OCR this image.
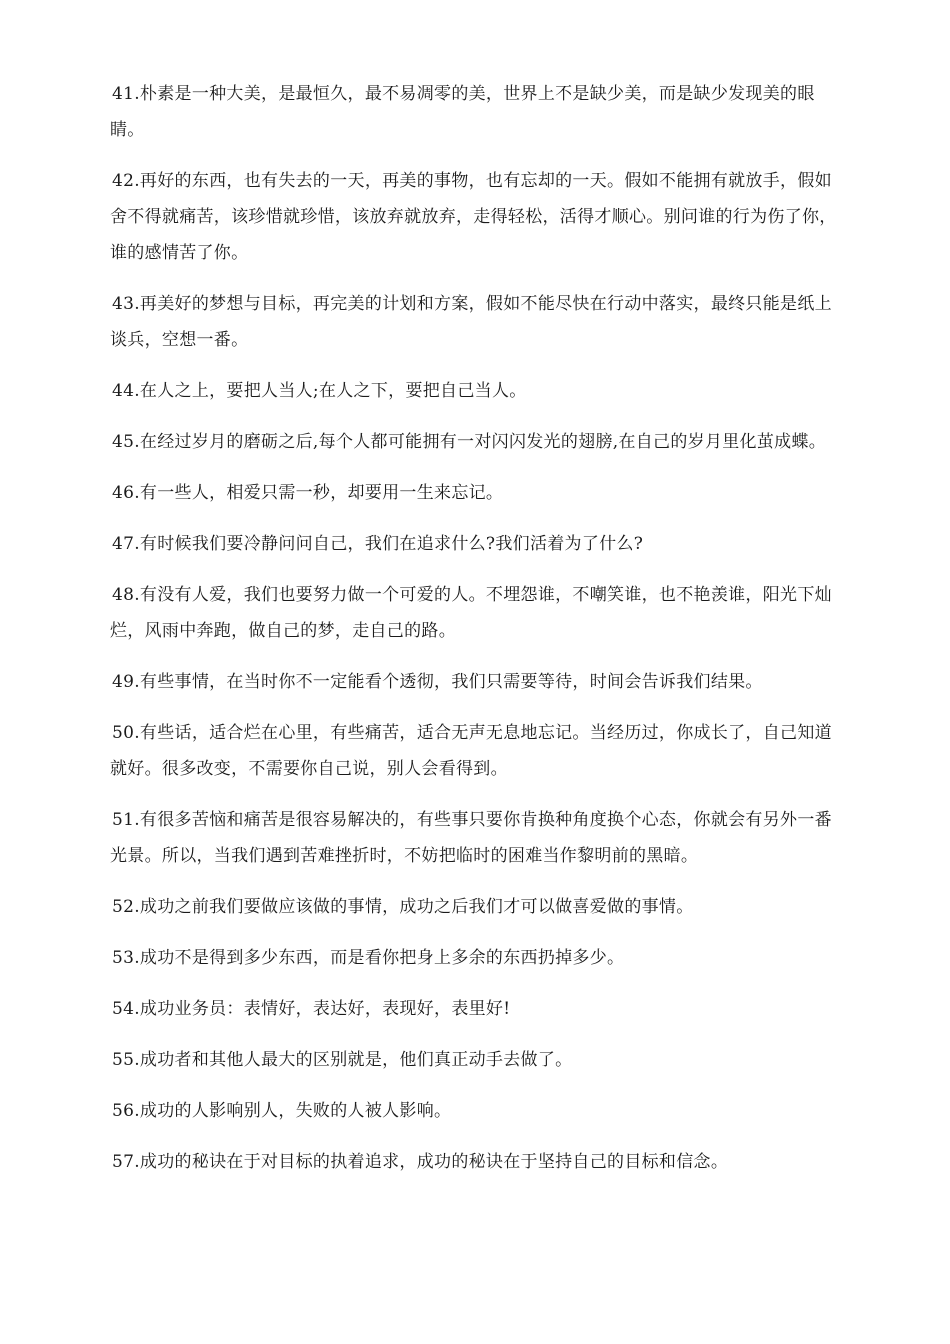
41.朴素是一种大美，是最恒久，最不易凋零的美，世界上不是缺少美，而是缺少发现美的眼睛。

42.再好的东西，也有失去的一天，再美的事物，也有忘却的一天。假如不能拥有就放手，假如舍不得就痛苦，该珍惜就珍惜，该放弃就放弃，走得轻松，活得才顺心。别问谁的行为伤了你，谁的感情苦了你。

43.再美好的梦想与目标，再完美的计划和方案，假如不能尽快在行动中落实，最终只能是纸上谈兵，空想一番。

44.在人之上，要把人当人;在人之下，要把自己当人。

45.在经过岁月的磨砺之后,每个人都可能拥有一对闪闪发光的翅膀,在自己的岁月里化茧成蝶。

46.有一些人，相爱只需一秒，却要用一生来忘记。

47.有时候我们要冷静问问自己，我们在追求什么?我们活着为了什么?

48.有没有人爱，我们也要努力做一个可爱的人。不埋怨谁，不嘲笑谁，也不艳羡谁，阳光下灿烂，风雨中奔跑，做自己的梦，走自己的路。

49.有些事情，在当时你不一定能看个透彻，我们只需要等待，时间会告诉我们结果。

50.有些话，适合烂在心里，有些痛苦，适合无声无息地忘记。当经历过，你成长了，自己知道就好。很多改变，不需要你自己说，别人会看得到。

51.有很多苦恼和痛苦是很容易解决的，有些事只要你肯换种角度换个心态，你就会有另外一番光景。所以，当我们遇到苦难挫折时，不妨把临时的困难当作黎明前的黑暗。

52.成功之前我们要做应该做的事情，成功之后我们才可以做喜爱做的事情。

53.成功不是得到多少东西，而是看你把身上多余的东西扔掉多少。

54.成功业务员：表情好，表达好，表现好，表里好!

55.成功者和其他人最大的区别就是，他们真正动手去做了。

56.成功的人影响别人，失败的人被人影响。

57.成功的秘诀在于对目标的执着追求，成功的秘诀在于坚持自己的目标和信念。
